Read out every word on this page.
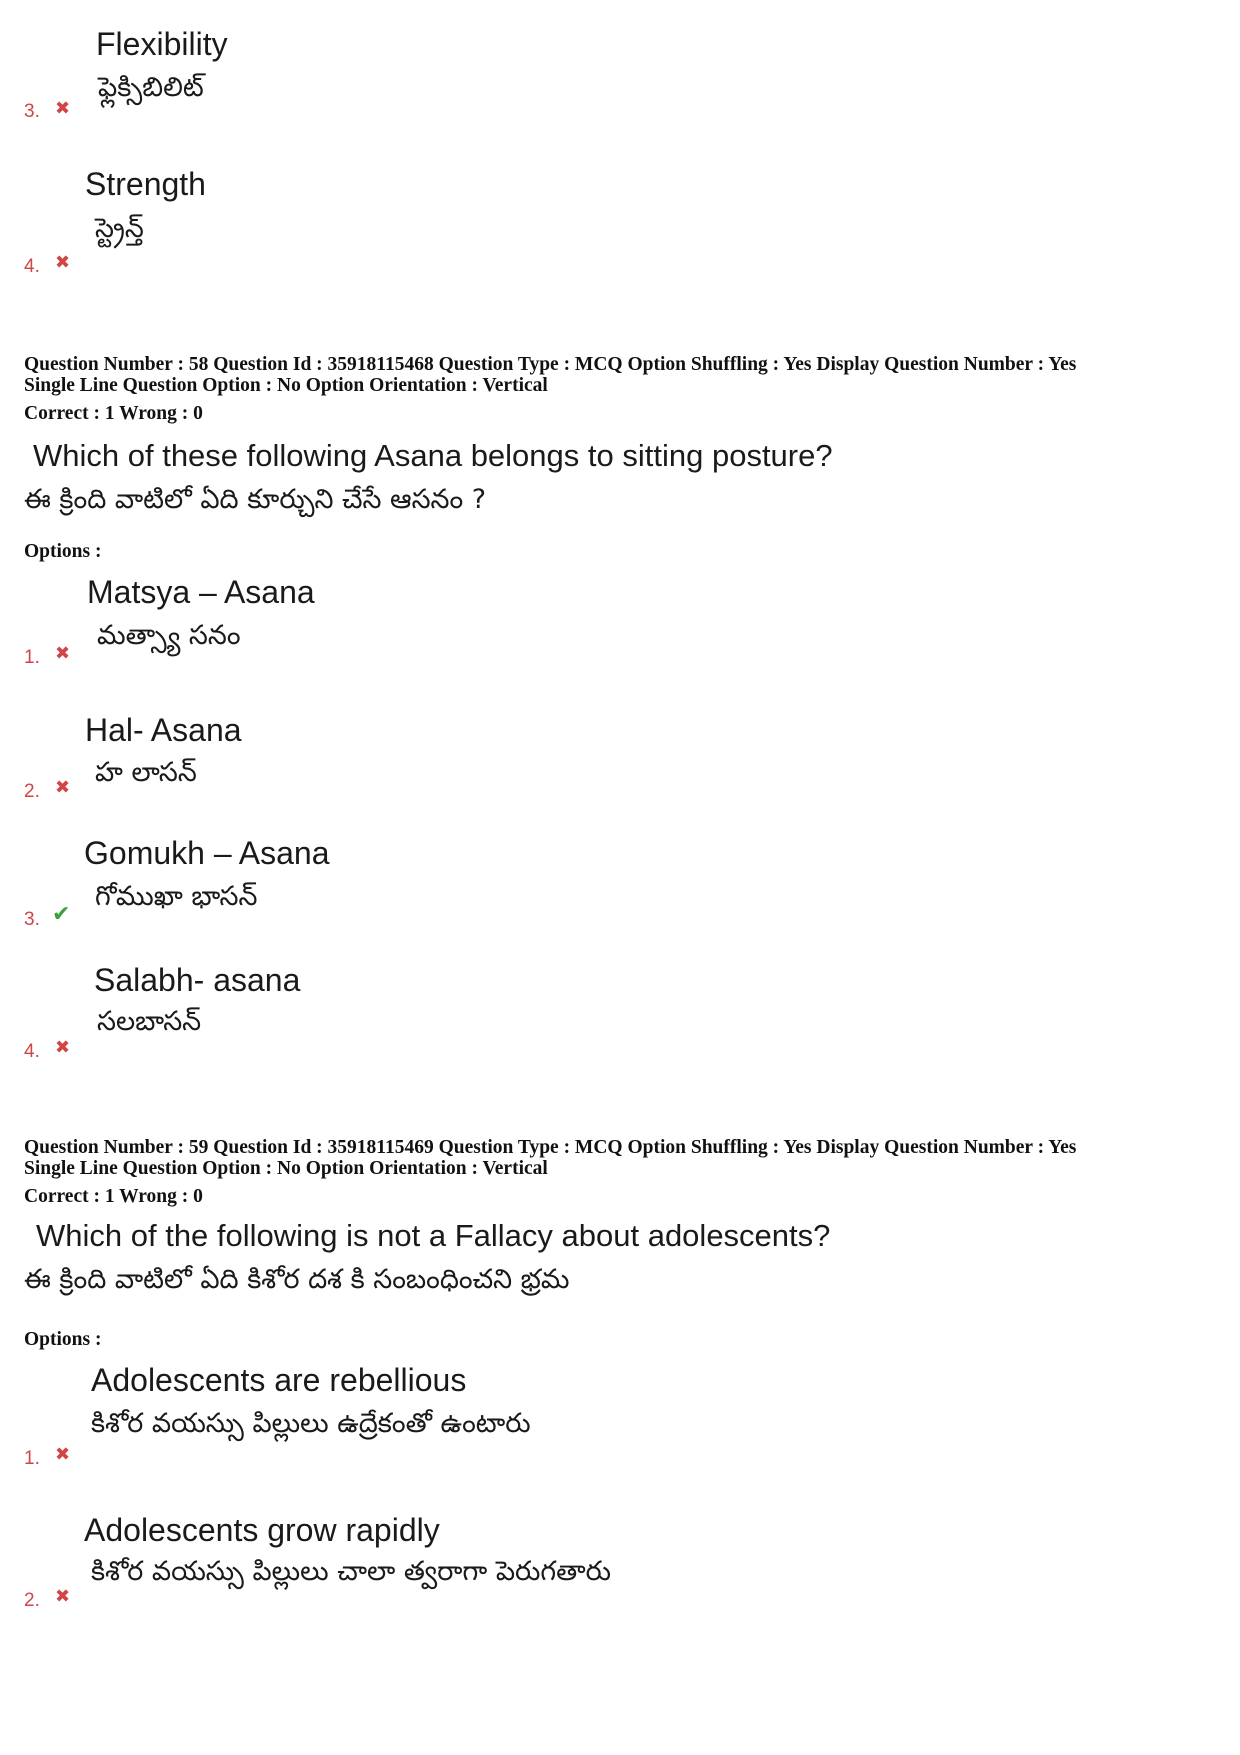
Flexibility
ఫ్లెక్సిబిలిట్
3. ✖
Strength
స్ట్రెన్త్
4. ✖
Question Number : 58 Question Id : 35918115468 Question Type : MCQ Option Shuffling : Yes Display Question Number : Yes
Single Line Question Option : No Option Orientation : Vertical
Correct : 1 Wrong : 0
Which of these following Asana belongs to sitting posture?
ఈ క్రింది వాటిలో ఏది కూర్చుని చేసే ఆసనం ?
Options :
Matsya – Asana
మత్స్యా సనం
1. ✖
Hal- Asana
హ లాసన్
2. ✖
Gomukh – Asana
గోముఖా భాసన్
3. ✔
Salabh- asana
సలబాసన్
4. ✖
Question Number : 59 Question Id : 35918115469 Question Type : MCQ Option Shuffling : Yes Display Question Number : Yes
Single Line Question Option : No Option Orientation : Vertical
Correct : 1 Wrong : 0
Which of the following is not a Fallacy about adolescents?
ఈ క్రింది వాటిలో ఏది కిశోర దశ కి సంబంధించని భ్రమ
Options :
Adolescents are rebellious
కిశోర వయస్సు పిల్లులు ఉద్రేకంతో ఉంటారు
1. ✖
Adolescents grow rapidly
కిశోర వయస్సు పిల్లులు చాలా త్వరాగా పెరుగతారు
2. ✖
